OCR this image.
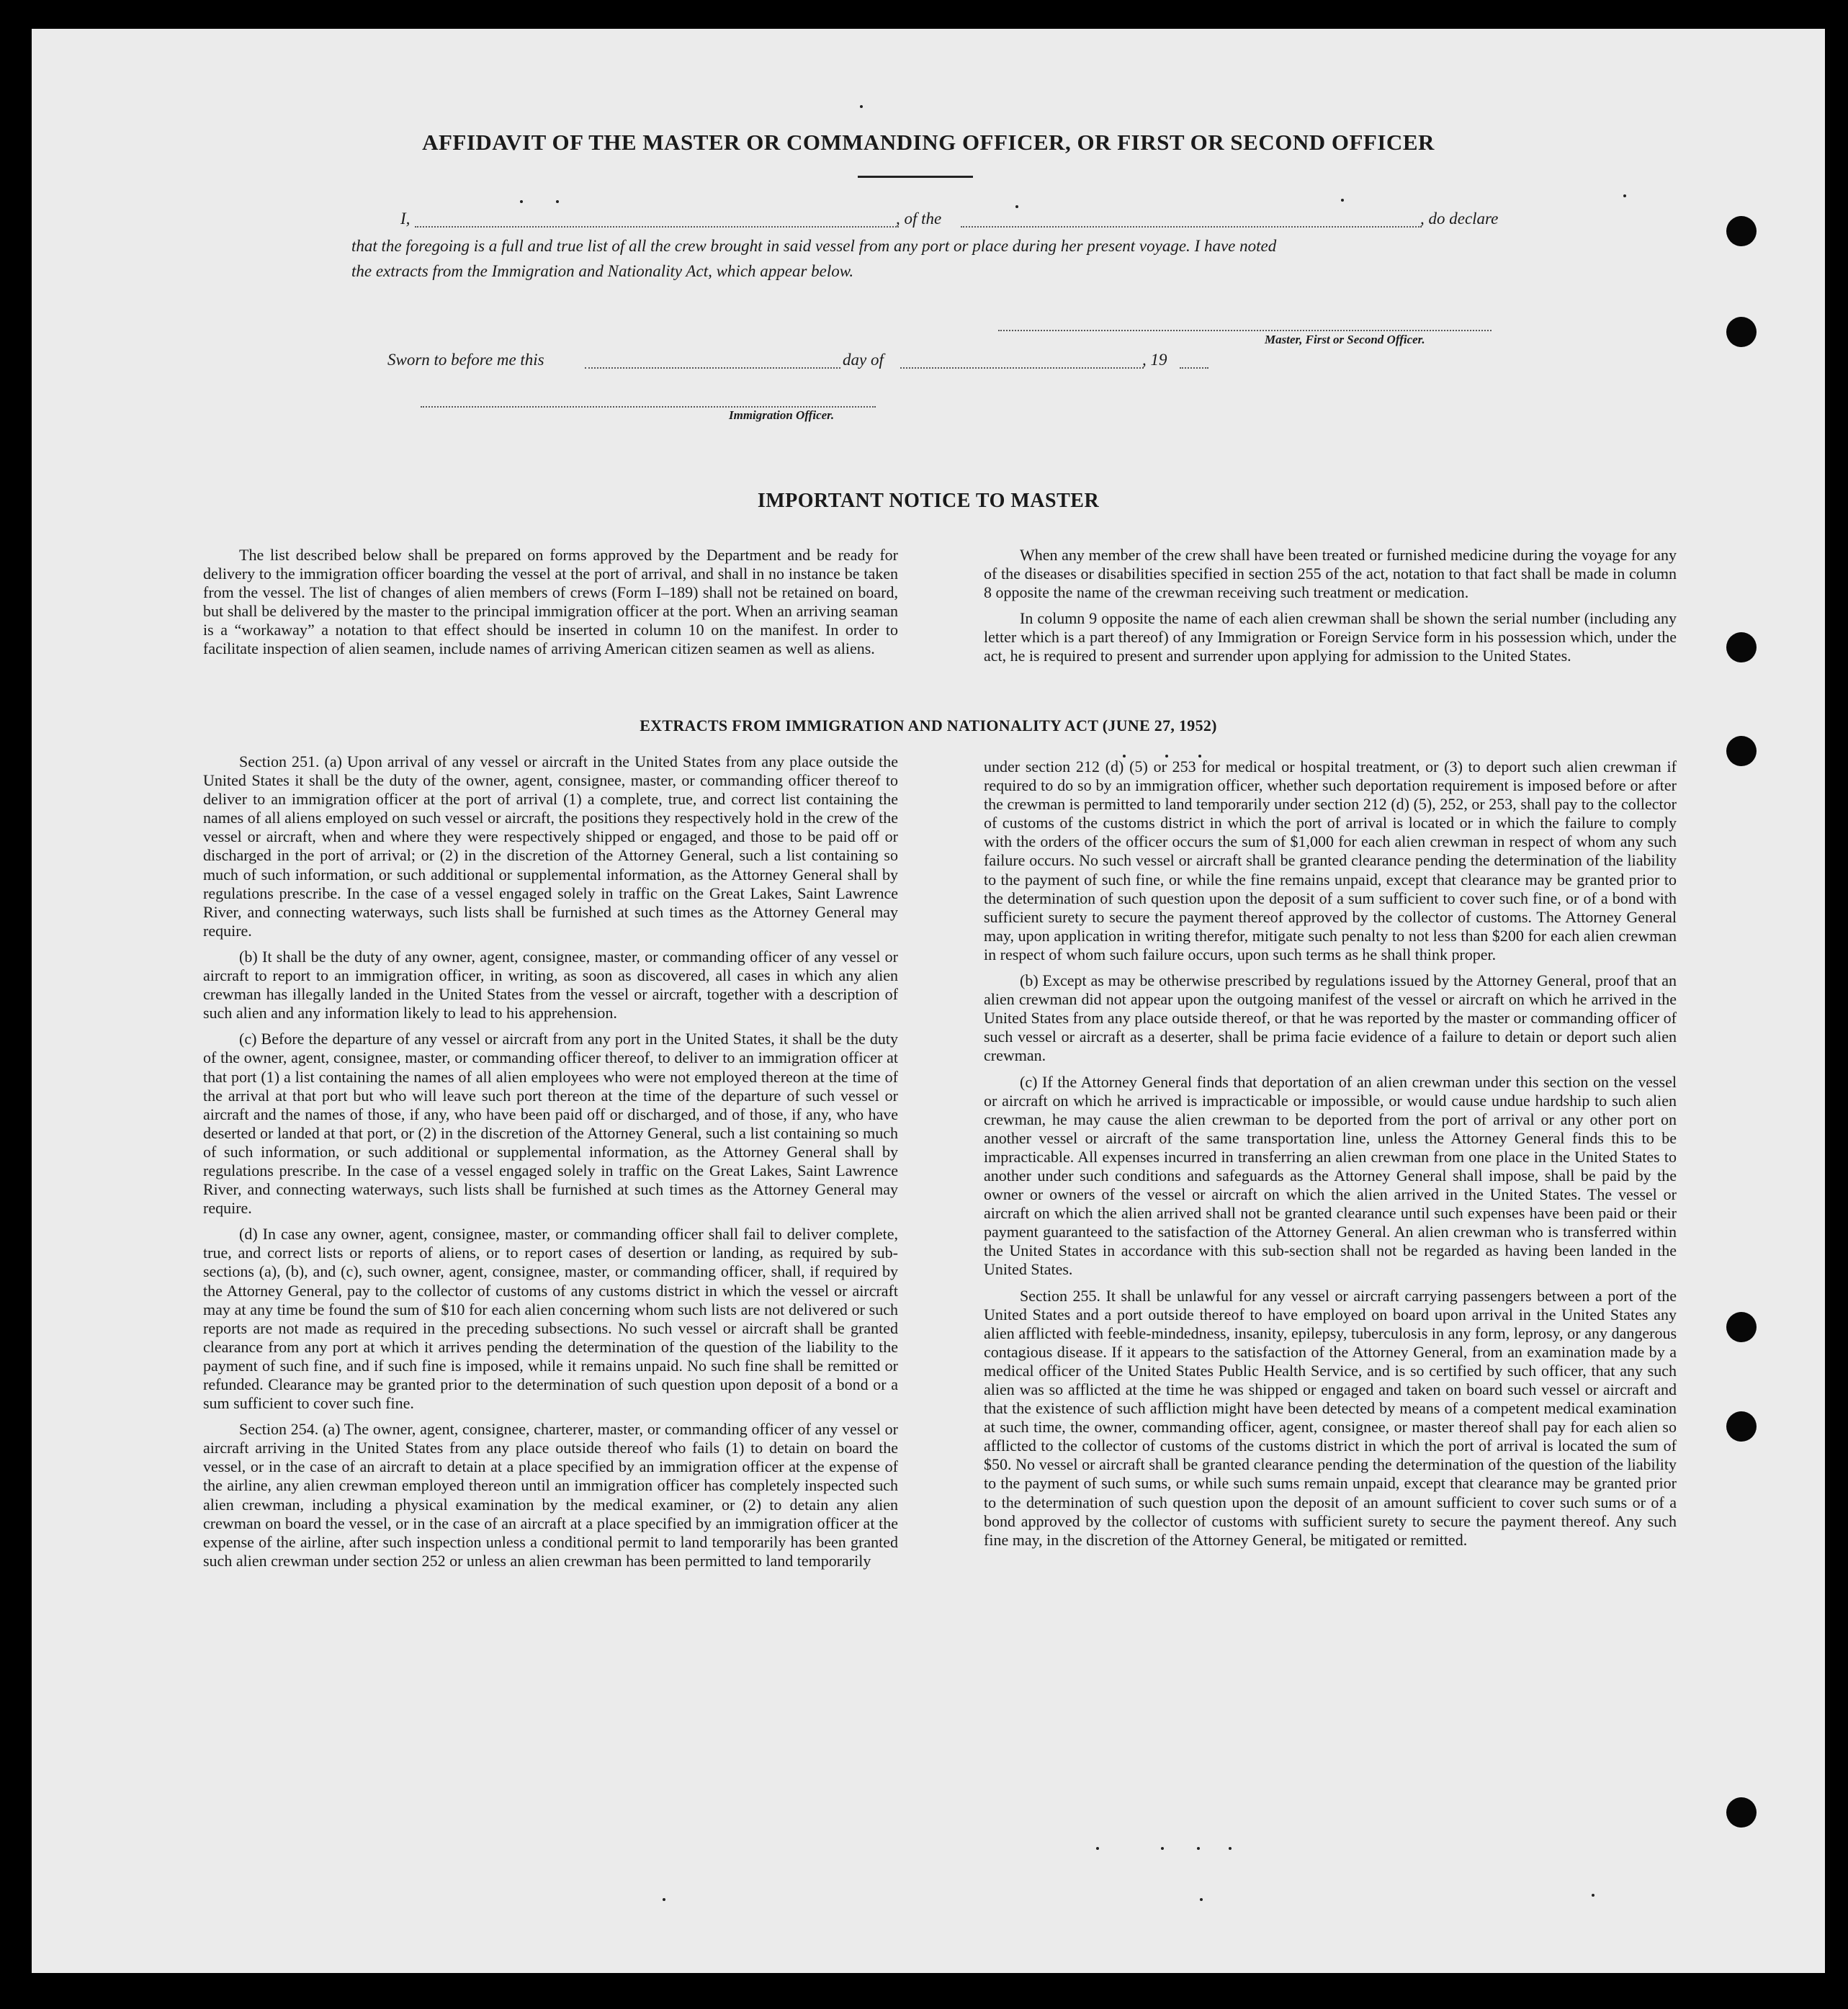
AFFIDAVIT OF THE MASTER OR COMMANDING OFFICER, OR FIRST OR SECOND OFFICER
I,	, of the	, do declare
that the foregoing is a full and true list of all the crew brought in said vessel from any port or place during her present voyage. I have noted
the extracts from the Immigration and Nationality Act, which appear below.
Master, First or Second Officer.
Sworn to before me this	day of	, 19
Immigration Officer.
IMPORTANT NOTICE TO MASTER

The list described below shall be prepared on forms approved by the Department and be ready for delivery to the immigration officer boarding the vessel at the port of arrival, and shall in no instance be taken from the vessel. The list of changes of alien members of crews (Form I–189) shall not be retained on board, but shall be delivered by the master to the principal immigration officer at the port. When an arriving seaman is a “workaway” a notation to that effect should be inserted in column 10 on the manifest. In order to facilitate inspection of alien seamen, include names of arriving American citizen seamen as well as aliens.

When any member of the crew shall have been treated or furnished medicine during the voyage for any of the diseases or disabilities specified in section 255 of the act, notation to that fact shall be made in column 8 opposite the name of the crewman receiving such treatment or medication.

In column 9 opposite the name of each alien crewman shall be shown the serial number (including any letter which is a part thereof) of any Immigration or Foreign Service form in his possession which, under the act, he is required to present and surrender upon applying for admission to the United States.

EXTRACTS FROM IMMIGRATION AND NATIONALITY ACT (JUNE 27, 1952)

Section 251. (a) Upon arrival of any vessel or aircraft in the United States from any place outside the United States it shall be the duty of the owner, agent, consignee, master, or commanding officer thereof to deliver to an immigration officer at the port of arrival (1) a complete, true, and correct list containing the names of all aliens employed on such vessel or aircraft, the positions they respectively hold in the crew of the vessel or aircraft, when and where they were respectively shipped or engaged, and those to be paid off or discharged in the port of arrival; or (2) in the discretion of the Attorney General, such a list containing so much of such information, or such additional or supplemental information, as the Attorney General shall by regulations prescribe. In the case of a vessel engaged solely in traffic on the Great Lakes, Saint Lawrence River, and connecting waterways, such lists shall be furnished at such times as the Attorney General may require.

(b) It shall be the duty of any owner, agent, consignee, master, or commanding officer of any vessel or aircraft to report to an immigration officer, in writing, as soon as discovered, all cases in which any alien crewman has illegally landed in the United States from the vessel or aircraft, together with a description of such alien and any information likely to lead to his apprehension.

(c) Before the departure of any vessel or aircraft from any port in the United States, it shall be the duty of the owner, agent, consignee, master, or commanding officer thereof, to deliver to an immigration officer at that port (1) a list containing the names of all alien employees who were not employed thereon at the time of the arrival at that port but who will leave such port thereon at the time of the departure of such vessel or aircraft and the names of those, if any, who have been paid off or discharged, and of those, if any, who have deserted or landed at that port, or (2) in the discretion of the Attorney General, such a list containing so much of such information, or such additional or supplemental information, as the Attorney General shall by regulations prescribe. In the case of a vessel engaged solely in traffic on the Great Lakes, Saint Lawrence River, and connecting waterways, such lists shall be furnished at such times as the Attorney General may require.

(d) In case any owner, agent, consignee, master, or commanding officer shall fail to deliver complete, true, and correct lists or reports of aliens, or to report cases of desertion or landing, as required by sub-sections (a), (b), and (c), such owner, agent, consignee, master, or commanding officer, shall, if required by the Attorney General, pay to the collector of customs of any customs district in which the vessel or aircraft may at any time be found the sum of $10 for each alien concerning whom such lists are not delivered or such reports are not made as required in the preceding subsections. No such vessel or aircraft shall be granted clearance from any port at which it arrives pending the determination of the question of the liability to the payment of such fine, and if such fine is imposed, while it remains unpaid. No such fine shall be remitted or refunded. Clearance may be granted prior to the determination of such question upon deposit of a bond or a sum sufficient to cover such fine.

Section 254. (a) The owner, agent, consignee, charterer, master, or commanding officer of any vessel or aircraft arriving in the United States from any place outside thereof who fails (1) to detain on board the vessel, or in the case of an aircraft to detain at a place specified by an immigration officer at the expense of the airline, any alien crewman employed thereon until an immigration officer has completely inspected such alien crewman, including a physical examination by the medical examiner, or (2) to detain any alien crewman on board the vessel, or in the case of an aircraft at a place specified by an immigration officer at the expense of the airline, after such inspection unless a conditional permit to land temporarily has been granted such alien crewman under section 252 or unless an alien crewman has been permitted to land temporarily

under section 212 (d) (5) or 253 for medical or hospital treatment, or (3) to deport such alien crewman if required to do so by an immigration officer, whether such deportation requirement is imposed before or after the crewman is permitted to land temporarily under section 212 (d) (5), 252, or 253, shall pay to the collector of customs of the customs district in which the port of arrival is located or in which the failure to comply with the orders of the officer occurs the sum of $1,000 for each alien crewman in respect of whom any such failure occurs. No such vessel or aircraft shall be granted clearance pending the determination of the liability to the payment of such fine, or while the fine remains unpaid, except that clearance may be granted prior to the determination of such question upon the deposit of a sum sufficient to cover such fine, or of a bond with sufficient surety to secure the payment thereof approved by the collector of customs. The Attorney General may, upon application in writing therefor, mitigate such penalty to not less than $200 for each alien crewman in respect of whom such failure occurs, upon such terms as he shall think proper.

(b) Except as may be otherwise prescribed by regulations issued by the Attorney General, proof that an alien crewman did not appear upon the outgoing manifest of the vessel or aircraft on which he arrived in the United States from any place outside thereof, or that he was reported by the master or commanding officer of such vessel or aircraft as a deserter, shall be prima facie evidence of a failure to detain or deport such alien crewman.

(c) If the Attorney General finds that deportation of an alien crewman under this section on the vessel or aircraft on which he arrived is impracticable or impossible, or would cause undue hardship to such alien crewman, he may cause the alien crewman to be deported from the port of arrival or any other port on another vessel or aircraft of the same transportation line, unless the Attorney General finds this to be impracticable. All expenses incurred in transferring an alien crewman from one place in the United States to another under such conditions and safeguards as the Attorney General shall impose, shall be paid by the owner or owners of the vessel or aircraft on which the alien arrived in the United States. The vessel or aircraft on which the alien arrived shall not be granted clearance until such expenses have been paid or their payment guaranteed to the satisfaction of the Attorney General. An alien crewman who is transferred within the United States in accordance with this sub-section shall not be regarded as having been landed in the United States.

Section 255. It shall be unlawful for any vessel or aircraft carrying passengers between a port of the United States and a port outside thereof to have employed on board upon arrival in the United States any alien afflicted with feeble-mindedness, insanity, epilepsy, tuberculosis in any form, leprosy, or any dangerous contagious disease. If it appears to the satisfaction of the Attorney General, from an examination made by a medical officer of the United States Public Health Service, and is so certified by such officer, that any such alien was so afflicted at the time he was shipped or engaged and taken on board such vessel or aircraft and that the existence of such affliction might have been detected by means of a competent medical examination at such time, the owner, commanding officer, agent, consignee, or master thereof shall pay for each alien so afflicted to the collector of customs of the customs district in which the port of arrival is located the sum of $50. No vessel or aircraft shall be granted clearance pending the determination of the question of the liability to the payment of such sums, or while such sums remain unpaid, except that clearance may be granted prior to the determination of such question upon the deposit of an amount sufficient to cover such sums or of a bond approved by the collector of customs with sufficient surety to secure the payment thereof. Any such fine may, in the discretion of the Attorney General, be mitigated or remitted.
